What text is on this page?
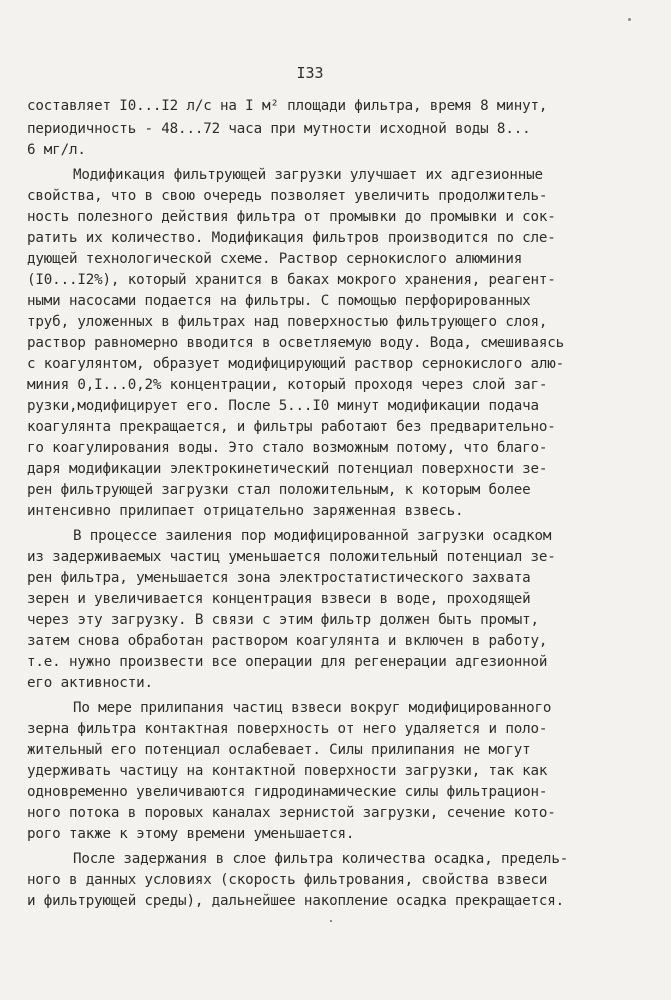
I33
составляет I0...I2 л/с на I м² площади фильтра, время 8 минут,
периодичность - 48...72 часа при мутности исходной воды 8...
6 мг/л.
Модификация фильтрующей загрузки улучшает их адгезионные
свойства, что в свою очередь позволяет увеличить продолжитель-
ность полезного действия фильтра от промывки до промывки и сок-
ратить их количество. Модификация фильтров производится по сле-
дующей технологической схеме. Раствор сернокислого алюминия
(I0...I2%), который хранится в баках мокрого хранения, реагент-
ными насосами подается на фильтры. С помощью перфорированных
труб, уложенных в фильтрах над поверхностью фильтрующего слоя,
раствор равномерно вводится в осветляемую воду. Вода, смешиваясь
с коагулянтом, образует модифицирующий раствор сернокислого алю-
миния 0,I...0,2% концентрации, который проходя через слой заг-
рузки,модифицирует его. После 5...I0 минут модификации подача
коагулянта прекращается, и фильтры работают без предварительно-
го коагулирования воды. Это стало возможным потому, что благо-
даря модификации электрокинетический потенциал поверхности зе-
рен фильтрующей загрузки стал положительным, к которым более
интенсивно прилипает отрицательно заряженная взвесь.
В процессе заиления пор модифицированной загрузки осадком
из задерживаемых частиц уменьшается положительный потенциал зе-
рен фильтра, уменьшается зона электростатистического захвата
зерен и увеличивается концентрация взвеси в воде, проходящей
через эту загрузку. В связи с этим фильтр должен быть промыт,
затем снова обработан раствором коагулянта и включен в работу,
т.е. нужно произвести все операции для регенерации адгезионной
его активности.
По мере прилипания частиц взвеси вокруг модифицированного
зерна фильтра контактная поверхность от него удаляется и поло-
жительный его потенциал ослабевает. Силы прилипания не могут
удерживать частицу на контактной поверхности загрузки, так как
одновременно увеличиваются гидродинамические силы фильтрацион-
ного потока в поровых каналах зернистой загрузки, сечение кото-
рого также к этому времени уменьшается.
После задержания в слое фильтра количества осадка, предель-
ного в данных условиях (скорость фильтрования, свойства взвеси
и фильтрующей среды), дальнейшее накопление осадка прекращается.
